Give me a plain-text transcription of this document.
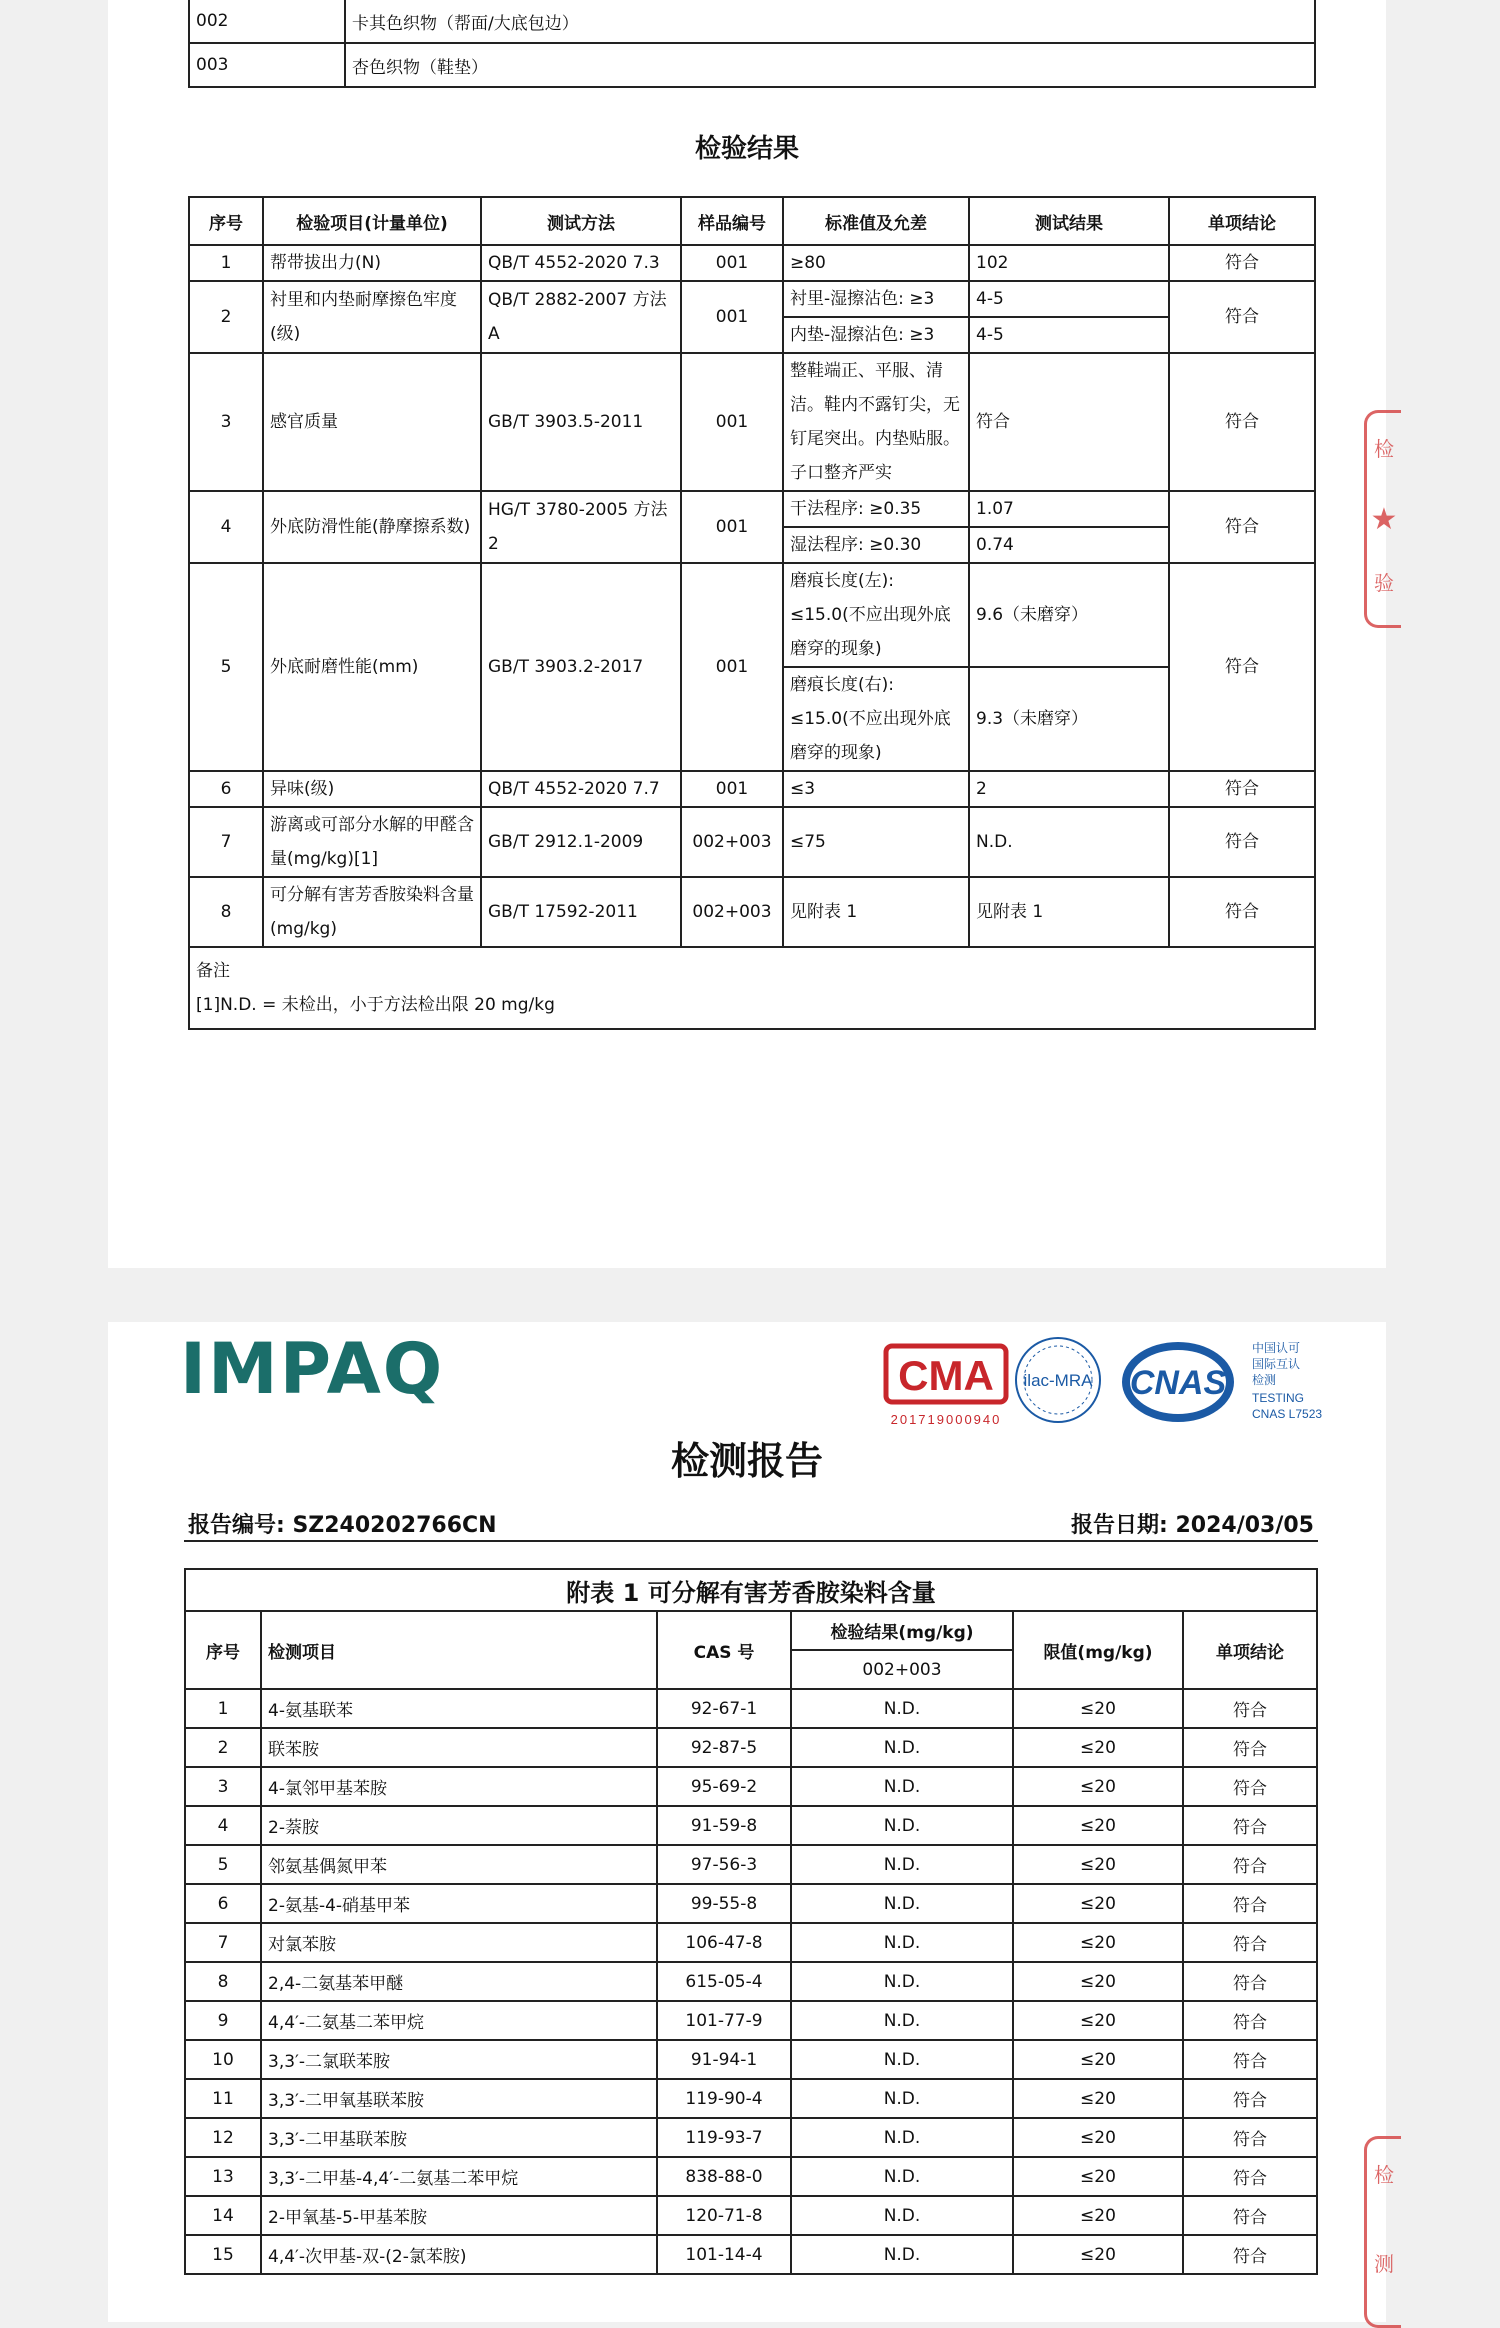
002	卡其色织物（帮面/大底包边）
003	杏色织物（鞋垫）
检验结果
序号	检验项目(计量单位)	测试方法	样品编号	标准值及允差	测试结果	单项结论
1	帮带拔出力(N)	QB/T 4552-2020 7.3	001	≥80	102	符合
2	衬里和内垫耐摩擦色牢度(级)	QB/T 2882-2007 方法A	001	衬里-湿擦沾色: ≥3	4-5	符合
				内垫-湿擦沾色: ≥3	4-5	
3	感官质量	GB/T 3903.5-2011	001	整鞋端正、平服、清洁。鞋内不露钉尖，无钉尾突出。内垫贴服。子口整齐严实	符合	符合
4	外底防滑性能(静摩擦系数)	HG/T 3780-2005 方法2	001	干法程序: ≥0.35	1.07	符合
				湿法程序: ≥0.30	0.74	
5	外底耐磨性能(mm)	GB/T 3903.2-2017	001	磨痕长度(左): ≤15.0(不应出现外底磨穿的现象)	9.6（未磨穿）	符合
				磨痕长度(右): ≤15.0(不应出现外底磨穿的现象)	9.3（未磨穿）	
6	异味(级)	QB/T 4552-2020 7.7	001	≤3	2	符合
7	游离或可部分水解的甲醛含量(mg/kg)[1]	GB/T 2912.1-2009	002+003	≤75	N.D.	符合
8	可分解有害芳香胺染料含量(mg/kg)	GB/T 17592-2011	002+003	见附表 1	见附表 1	符合

备注
[1]N.D. = 未检出，小于方法检出限 20 mg/kg						
检
★
验
IMPAQ	CMA
201719000940
ilac-MRA CNAS
中国认可
国际互认
检测
TESTING
CNAS L7523
检测报告
报告编号: SZ240202766CN	报告日期: 2024/03/05
附表 1 可分解有害芳香胺染料含量					
序号	检测项目	CAS 号	检验结果(mg/kg)	限值(mg/kg)	单项结论
			002+003		
1	4-氨基联苯	92-67-1	N.D.	≤20	符合
2	联苯胺	92-87-5	N.D.	≤20	符合
3	4-氯邻甲基苯胺	95-69-2	N.D.	≤20	符合
4	2-萘胺	91-59-8	N.D.	≤20	符合
5	邻氨基偶氮甲苯	97-56-3	N.D.	≤20	符合
6	2-氨基-4-硝基甲苯	99-55-8	N.D.	≤20	符合
7	对氯苯胺	106-47-8	N.D.	≤20	符合
8	2,4-二氨基苯甲醚	615-05-4	N.D.	≤20	符合
9	4,4′-二氨基二苯甲烷	101-77-9	N.D.	≤20	符合
10	3,3′-二氯联苯胺	91-94-1	N.D.	≤20	符合
11	3,3′-二甲氧基联苯胺	119-90-4	N.D.	≤20	符合
12	3,3′-二甲基联苯胺	119-93-7	N.D.	≤20	符合
13	3,3′-二甲基-4,4′-二氨基二苯甲烷	838-88-0	N.D.	≤20	符合
14	2-甲氧基-5-甲基苯胺	120-71-8	N.D.	≤20	符合
15	4,4′-次甲基-双-(2-氯苯胺)	101-14-4	N.D.	≤20	符合
检
测
